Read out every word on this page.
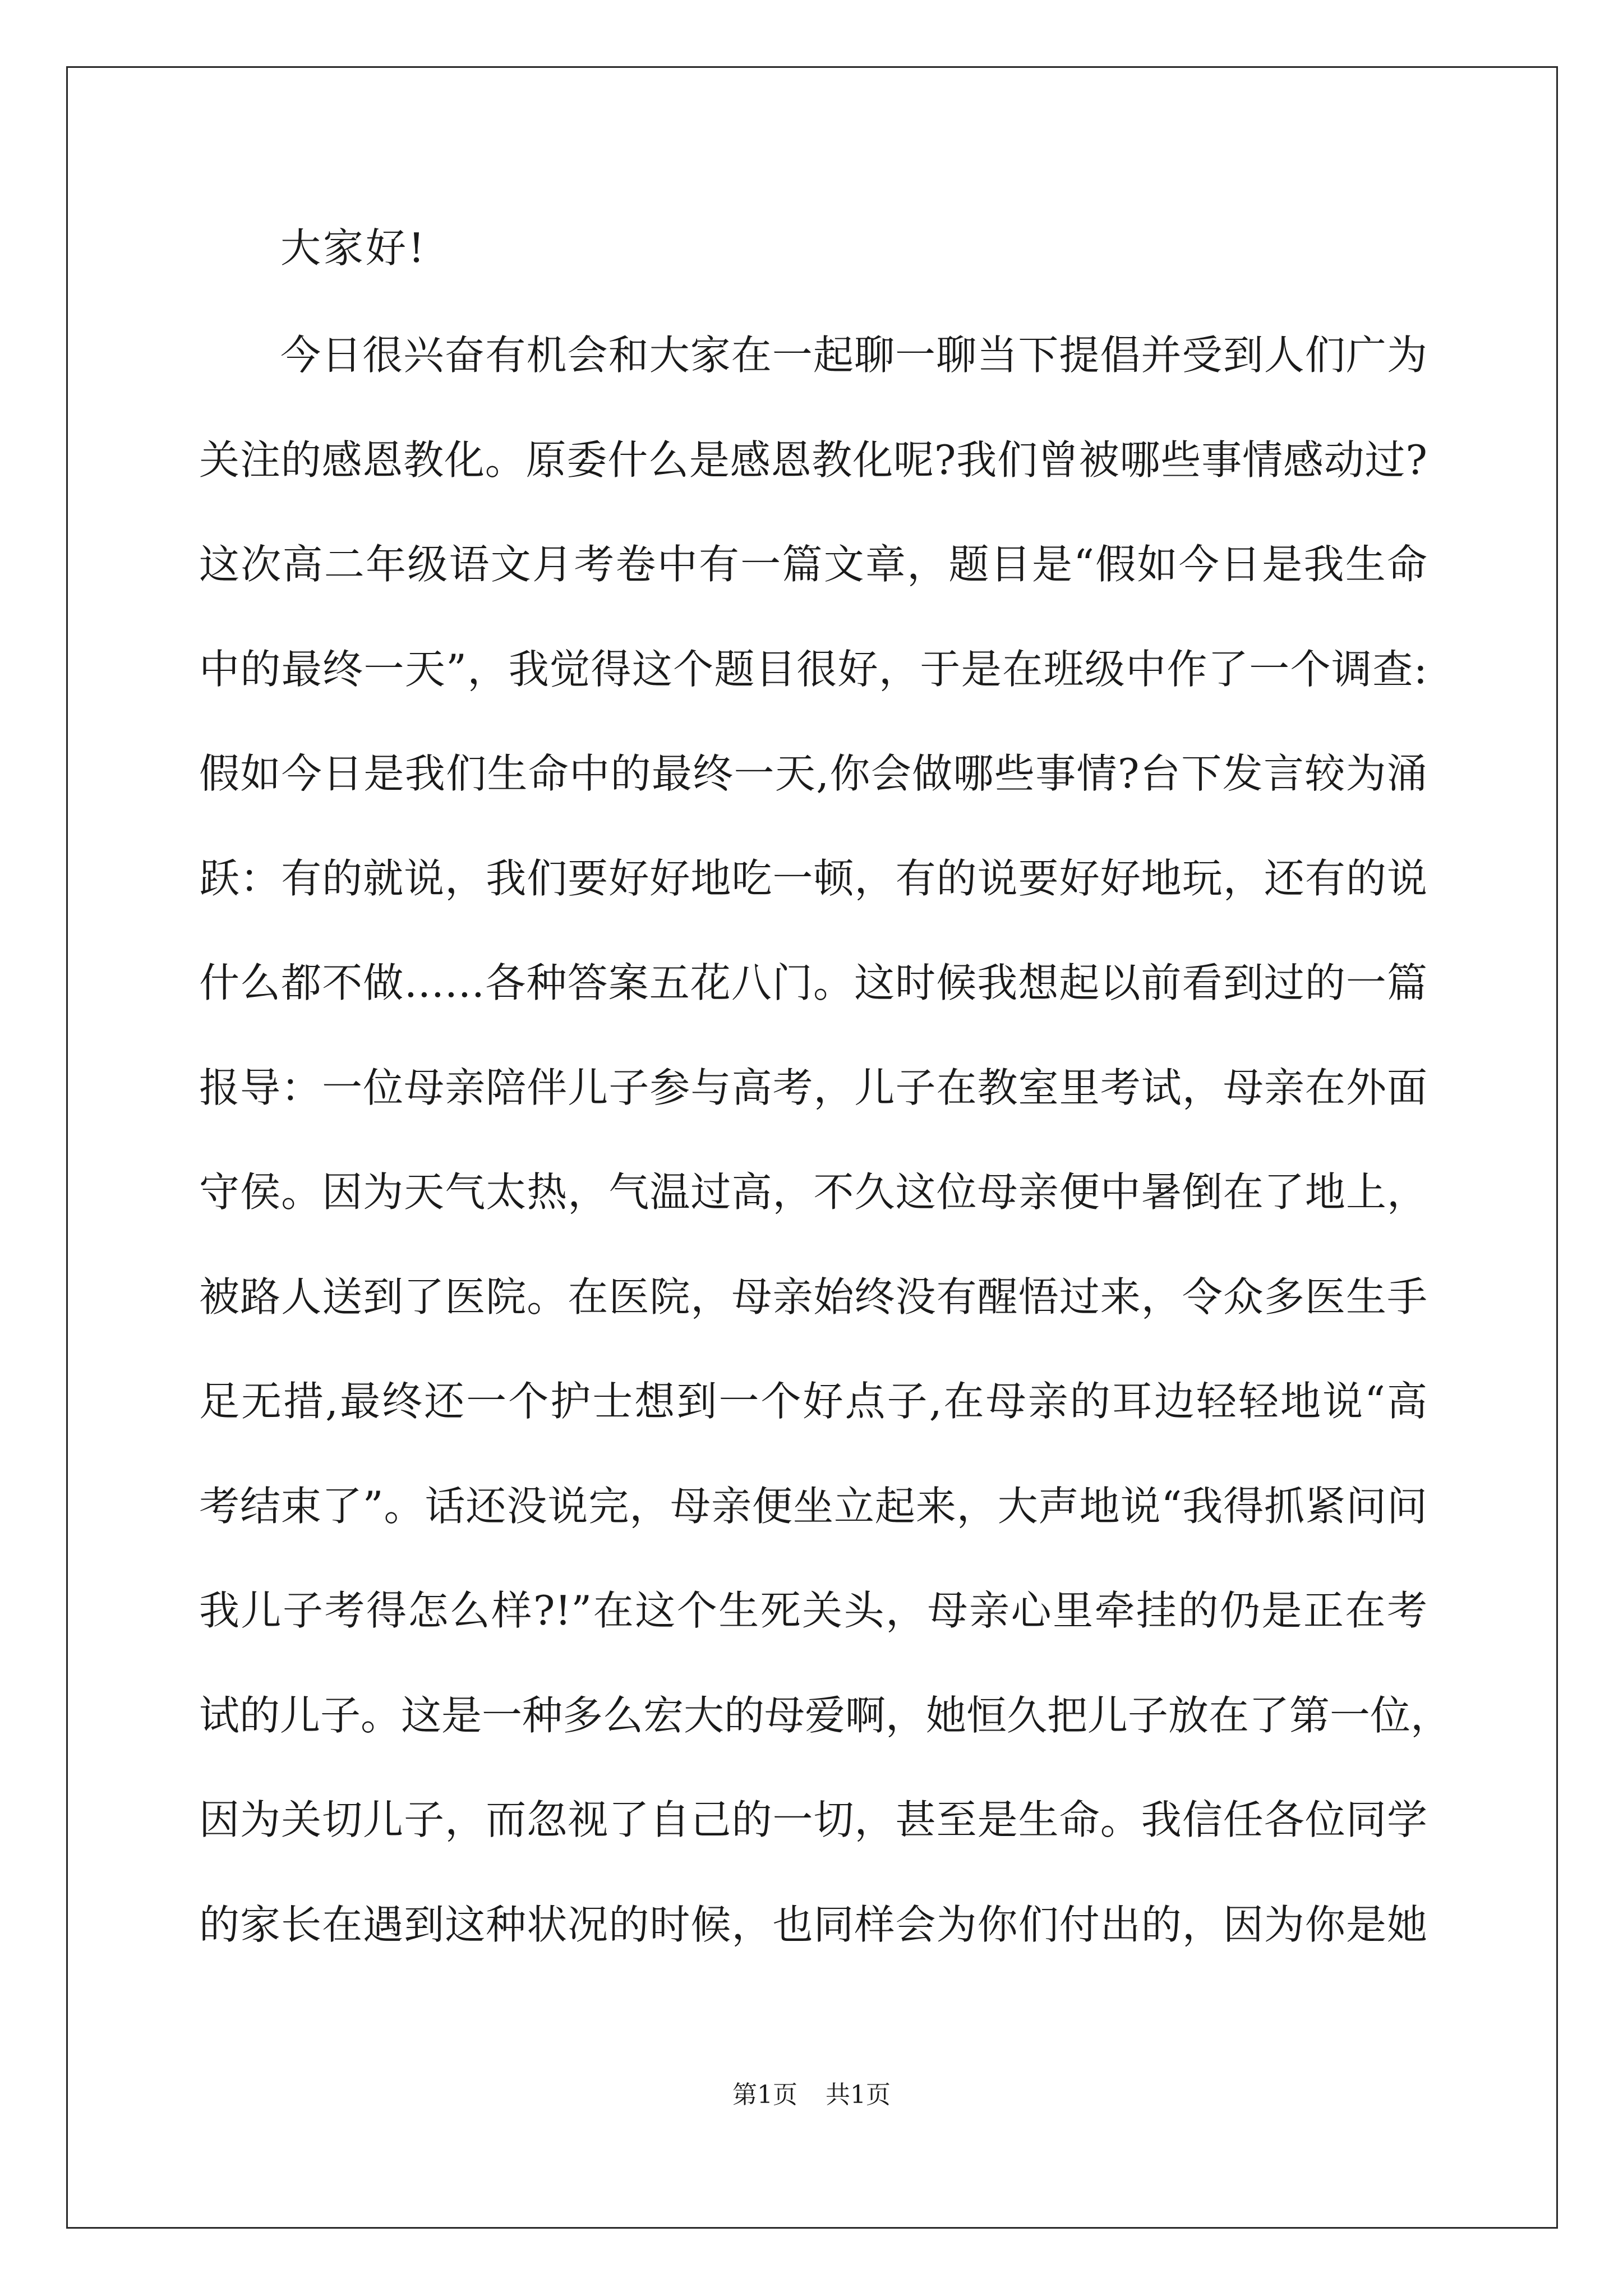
大家好!
今日很兴奋有机会和大家在一起聊一聊当下提倡并受到人们广为
关注的感恩教化。原委什么是感恩教化呢?我们曾被哪些事情感动过?
这次高二年级语文月考卷中有一篇文章，题目是“假如今日是我生命
中的最终一天”，我觉得这个题目很好，于是在班级中作了一个调查:
假如今日是我们生命中的最终一天,你会做哪些事情?台下发言较为涌
跃：有的就说，我们要好好地吃一顿，有的说要好好地玩，还有的说
什么都不做……各种答案五花八门。这时候我想起以前看到过的一篇
报导：一位母亲陪伴儿子参与高考，儿子在教室里考试，母亲在外面
守侯。因为天气太热，气温过高，不久这位母亲便中暑倒在了地上，
被路人送到了医院。在医院，母亲始终没有醒悟过来，令众多医生手
足无措,最终还一个护士想到一个好点子,在母亲的耳边轻轻地说“高
考结束了”。话还没说完，母亲便坐立起来，大声地说“我得抓紧问问
我儿子考得怎么样?!”在这个生死关头，母亲心里牵挂的仍是正在考
试的儿子。这是一种多么宏大的母爱啊，她恒久把儿子放在了第一位，
因为关切儿子，而忽视了自己的一切，甚至是生命。我信任各位同学
的家长在遇到这种状况的时候，也同样会为你们付出的，因为你是她
第1页 共1页
